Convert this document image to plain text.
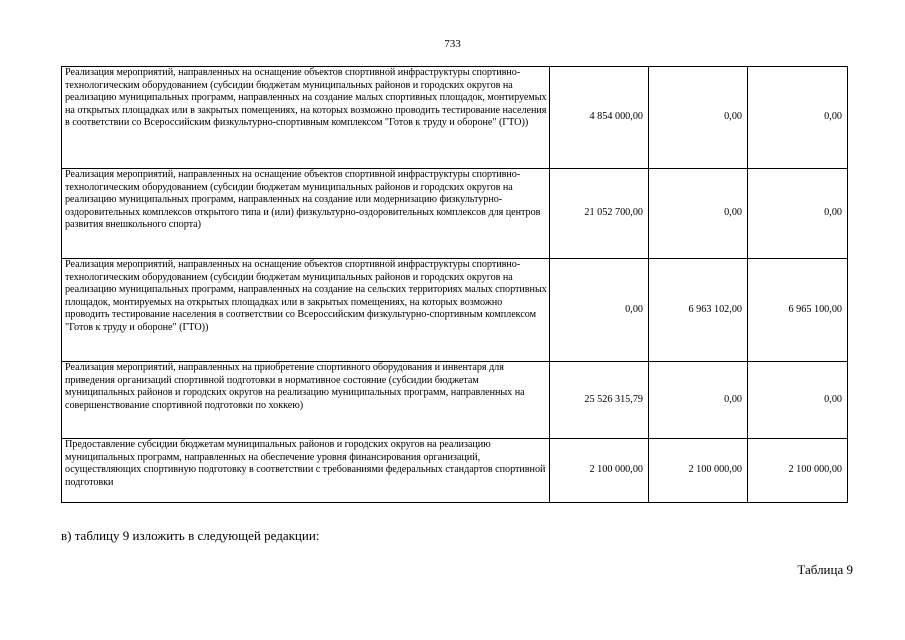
733
Реализация мероприятий, направленных на оснащение объектов спортивной инфраструктуры спортивно-технологическим оборудованием (субсидии бюджетам муниципальных районов и городских округов на реализацию муниципальных программ, направленных на создание малых спортивных площадок, монтируемых на открытых площадках или в закрытых помещениях, на которых возможно проводить тестирование населения в соответствии со Всероссийским физкультурно-спортивным комплексом "Готов к труду и обороне" (ГТО))	4 854 000,00	0,00	0,00
Реализация мероприятий, направленных на оснащение объектов спортивной инфраструктуры спортивно-технологическим оборудованием (субсидии бюджетам муниципальных районов и городских округов на реализацию муниципальных программ, направленных на создание или модернизацию физкультурно-оздоровительных комплексов открытого типа и (или) физкультурно-оздоровительных комплексов для центров развития внешкольного спорта)	21 052 700,00	0,00	0,00
Реализация мероприятий, направленных на оснащение объектов спортивной инфраструктуры спортивно-технологическим оборудованием (субсидии бюджетам муниципальных районов и городских округов на реализацию муниципальных программ, направленных на создание на сельских территориях малых спортивных площадок, монтируемых на открытых площадках или в закрытых помещениях, на которых возможно проводить тестирование населения в соответствии со Всероссийским физкультурно-спортивным комплексом "Готов к труду и обороне" (ГТО))	0,00	6 963 102,00	6 965 100,00
Реализация мероприятий, направленных на приобретение спортивного оборудования и инвентаря для приведения организаций спортивной подготовки в нормативное состояние (субсидии бюджетам муниципальных районов и городских округов на реализацию муниципальных программ, направленных на совершенствование спортивной подготовки по хоккею)	25 526 315,79	0,00	0,00
Предоставление субсидии бюджетам муниципальных районов и городских округов на реализацию муниципальных программ, направленных на обеспечение уровня финансирования организаций, осуществляющих спортивную подготовку в соответствии с требованиями федеральных стандартов спортивной подготовки	2 100 000,00	2 100 000,00	2 100 000,00
в) таблицу 9 изложить в следующей редакции:
Таблица 9
